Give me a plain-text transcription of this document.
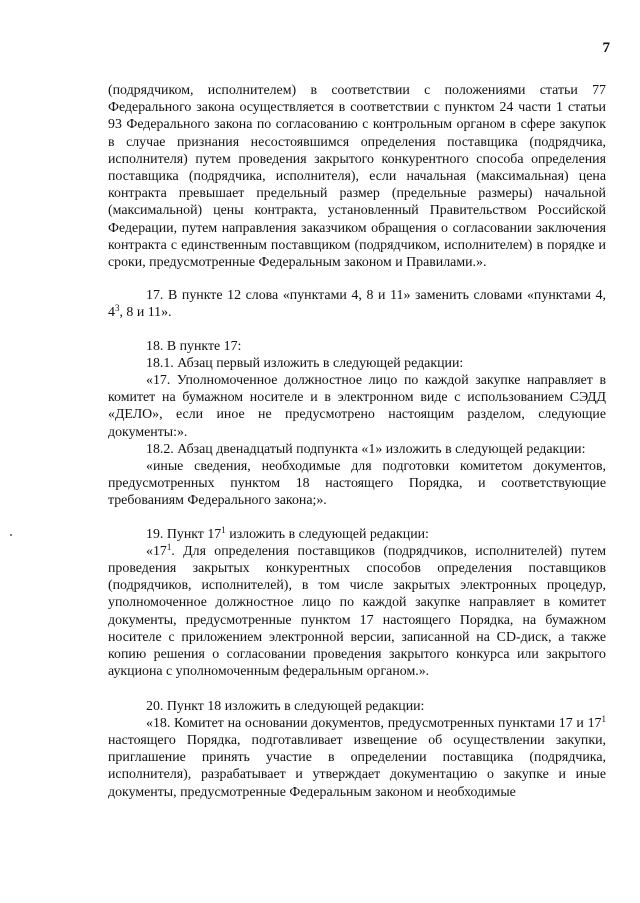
7

(подрядчиком, исполнителем) в соответствии с положениями статьи 77 Федерального закона осуществляется в соответствии с пунктом 24 части 1 статьи 93 Федерального закона по согласованию с контрольным органом в сфере закупок в случае признания несостоявшимся определения поставщика (подрядчика, исполнителя) путем проведения закрытого конкурентного способа определения поставщика (подрядчика, исполнителя), если начальная (максимальная) цена контракта превышает предельный размер (предельные размеры) начальной (максимальной) цены контракта, установленный Правительством Российской Федерации, путем направления заказчиком обращения о согласовании заключения контракта с единственным поставщиком (подрядчиком, исполнителем) в порядке и сроки, предусмотренные Федеральным законом и Правилами.».

17. В пункте 12 слова «пунктами 4, 8 и 11» заменить словами «пунктами 4, $4^3$, 8 и 11».

18. В пункте 17:

18.1. Абзац первый изложить в следующей редакции:

«17. Уполномоченное должностное лицо по каждой закупке направляет в комитет на бумажном носителе и в электронном виде с использованием СЭДД «ДЕЛО», если иное не предусмотрено настоящим разделом, следующие документы:».

18.2. Абзац двенадцатый подпункта «1» изложить в следующей редакции:

«иные сведения, необходимые для подготовки комитетом документов, предусмотренных пунктом 18 настоящего Порядка, и соответствующие требованиям Федерального закона;».

19. Пункт $17^1$ изложить в следующей редакции:

«$17^1$. Для определения поставщиков (подрядчиков, исполнителей) путем проведения закрытых конкурентных способов определения поставщиков (подрядчиков, исполнителей), в том числе закрытых электронных процедур, уполномоченное должностное лицо по каждой закупке направляет в комитет документы, предусмотренные пунктом 17 настоящего Порядка, на бумажном носителе с приложением электронной версии, записанной на CD-диск, а также копию решения о согласовании проведения закрытого конкурса или закрытого аукциона с уполномоченным федеральным органом.».

20. Пункт 18 изложить в следующей редакции:

«18. Комитет на основании документов, предусмотренных пунктами 17 и $17^1$ настоящего Порядка, подготавливает извещение об осуществлении закупки, приглашение принять участие в определении поставщика (подрядчика, исполнителя), разрабатывает и утверждает документацию о закупке и иные документы, предусмотренные Федеральным законом и необходимые
